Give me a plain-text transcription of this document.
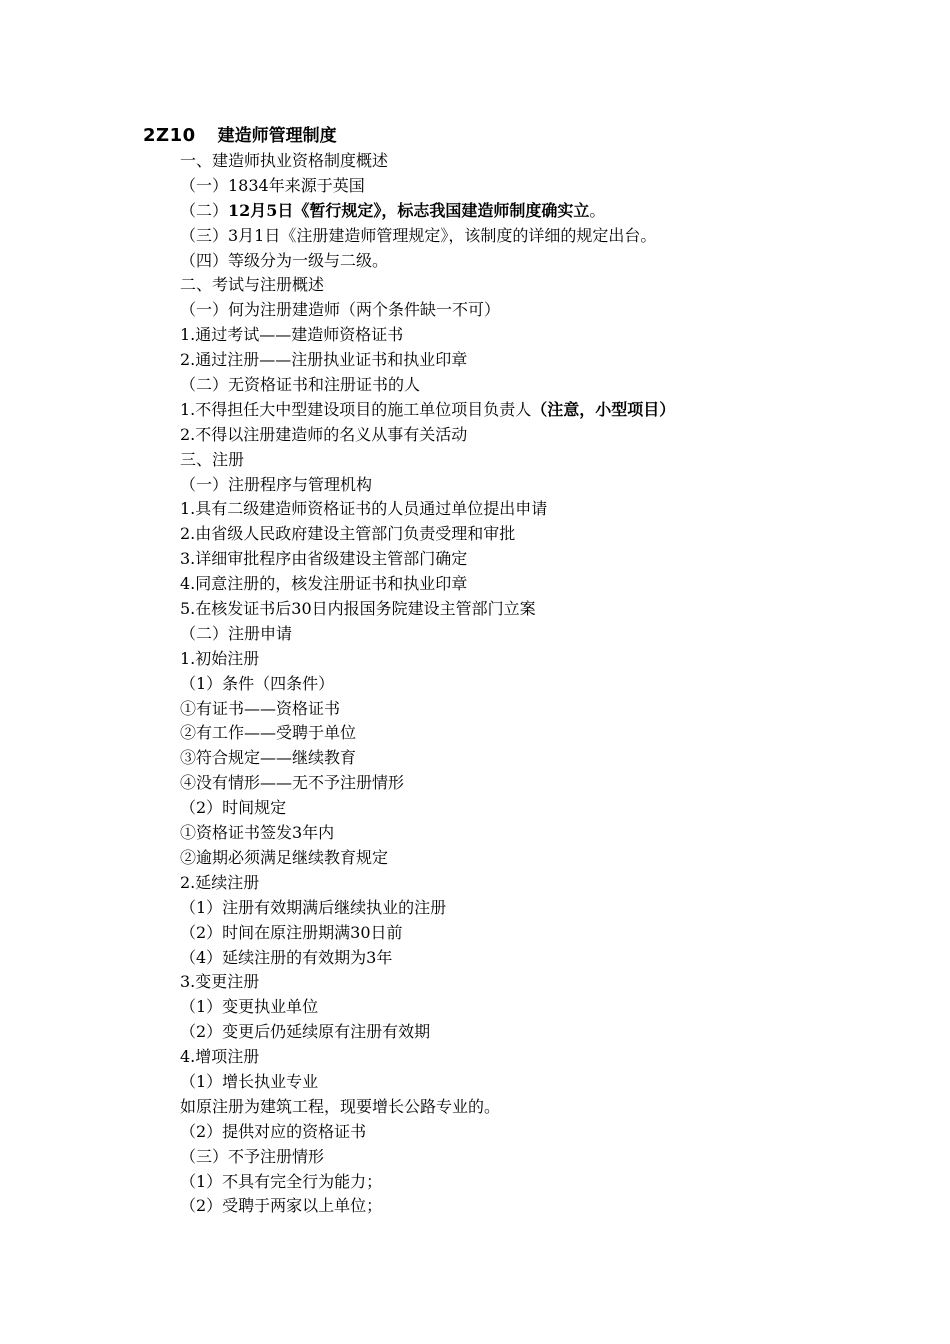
2Z10 建造师管理制度
一、建造师执业资格制度概述
（一）1834年来源于英国
（二）12月5日《暂行规定》，标志我国建造师制度确实立。
（三）3月1日《注册建造师管理规定》，该制度的详细的规定出台。
（四）等级分为一级与二级。
二、考试与注册概述
（一）何为注册建造师（两个条件缺一不可）
1.通过考试——建造师资格证书
2.通过注册——注册执业证书和执业印章
（二）无资格证书和注册证书的人
1.不得担任大中型建设项目的施工单位项目负责人（注意，小型项目）
2.不得以注册建造师的名义从事有关活动
三、注册
（一）注册程序与管理机构
1.具有二级建造师资格证书的人员通过单位提出申请
2.由省级人民政府建设主管部门负责受理和审批
3.详细审批程序由省级建设主管部门确定
4.同意注册的，核发注册证书和执业印章
5.在核发证书后30日内报国务院建设主管部门立案
（二）注册申请
1.初始注册
（1）条件（四条件）
①有证书——资格证书
②有工作——受聘于单位
③符合规定——继续教育
④没有情形——无不予注册情形
（2）时间规定
①资格证书签发3年内
②逾期必须满足继续教育规定
2.延续注册
（1）注册有效期满后继续执业的注册
（2）时间在原注册期满30日前
（4）延续注册的有效期为3年
3.变更注册
（1）变更执业单位
（2）变更后仍延续原有注册有效期
4.增项注册
（1）增长执业专业
如原注册为建筑工程，现要增长公路专业的。
（2）提供对应的资格证书
（三）不予注册情形
（1）不具有完全行为能力；
（2）受聘于两家以上单位；
